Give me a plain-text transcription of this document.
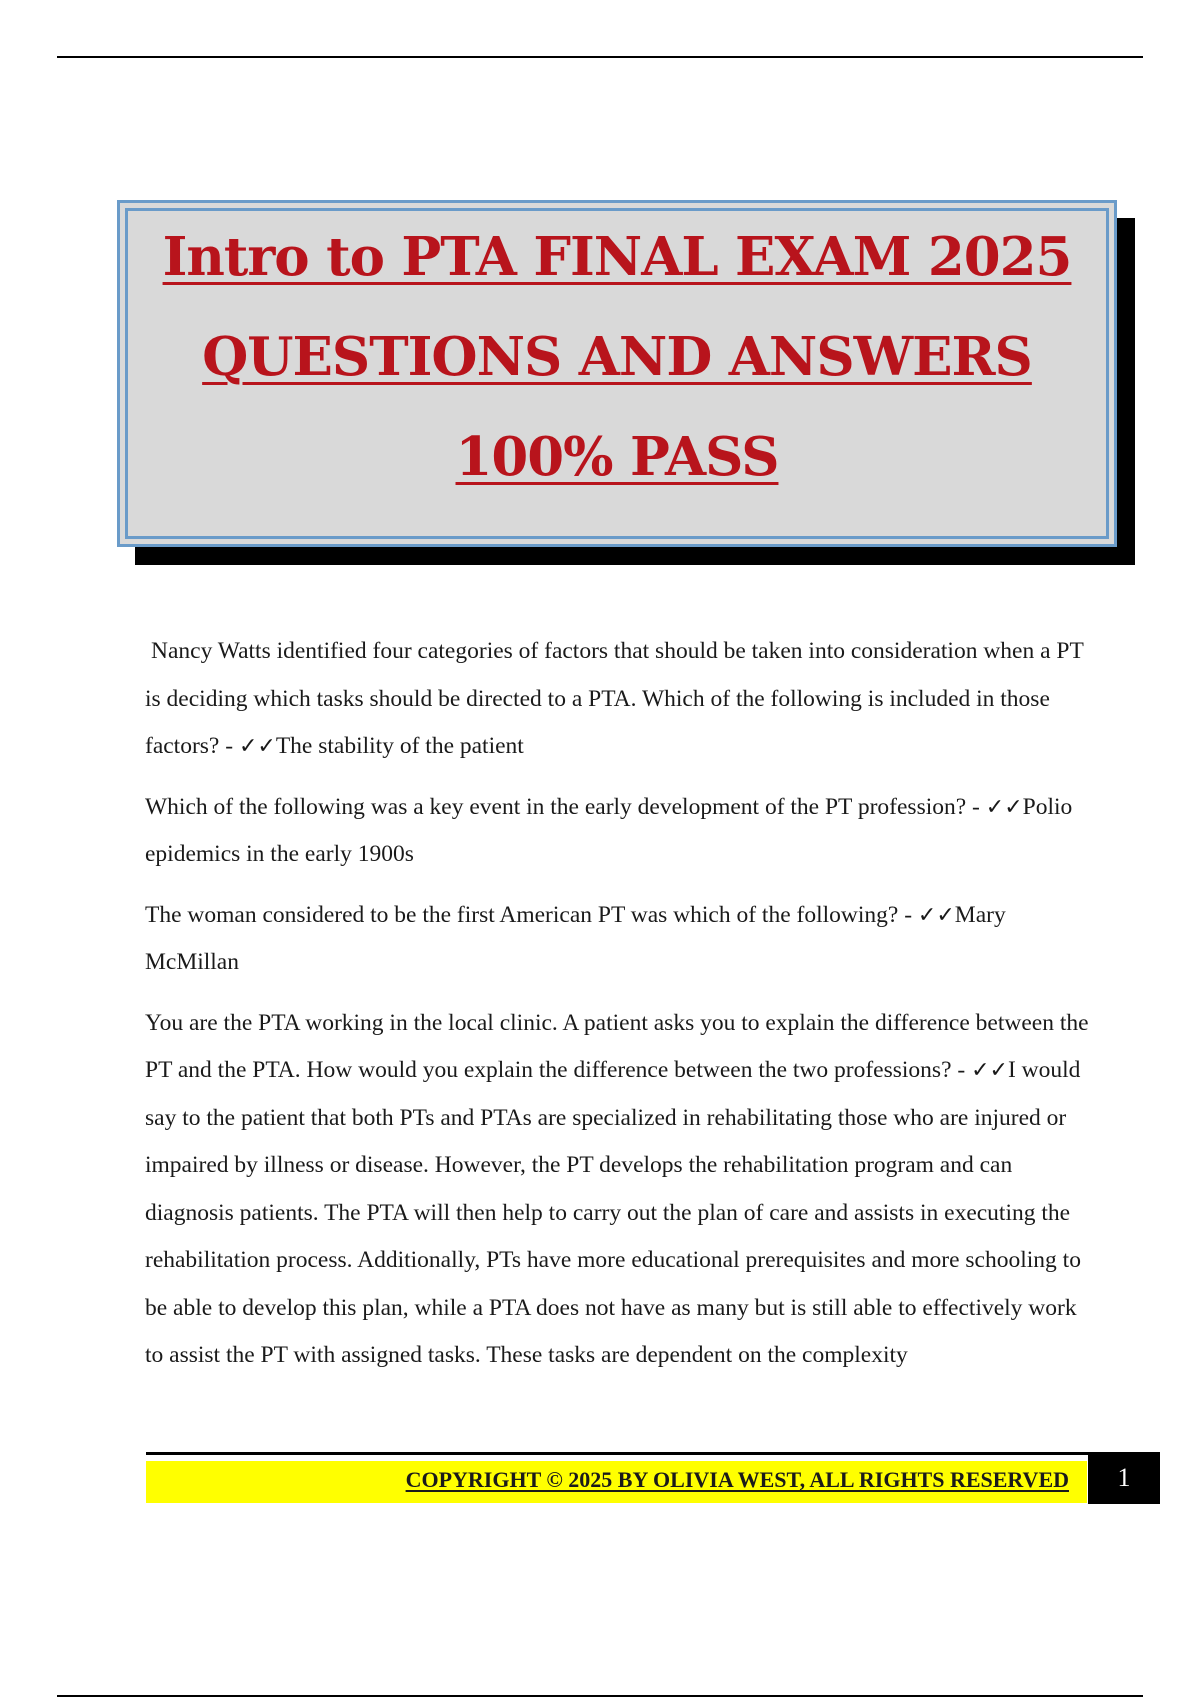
Intro to PTA FINAL EXAM 2025
QUESTIONS AND ANSWERS
100% PASS

Nancy Watts identified four categories of factors that should be taken into consideration when a PT is deciding which tasks should be directed to a PTA. Which of the following is included in those factors? - ✓✓The stability of the patient

Which of the following was a key event in the early development of the PT profession? - ✓✓Polio epidemics in the early 1900s

The woman considered to be the first American PT was which of the following? - ✓✓Mary McMillan

You are the PTA working in the local clinic. A patient asks you to explain the difference between the PT and the PTA. How would you explain the difference between the two professions? - ✓✓I would say to the patient that both PTs and PTAs are specialized in rehabilitating those who are injured or impaired by illness or disease. However, the PT develops the rehabilitation program and can diagnosis patients. The PTA will then help to carry out the plan of care and assists in executing the rehabilitation process. Additionally, PTs have more educational prerequisites and more schooling to be able to develop this plan, while a PTA does not have as many but is still able to effectively work to assist the PT with assigned tasks. These tasks are dependent on the complexity

COPYRIGHT © 2025 BY OLIVIA WEST, ALL RIGHTS RESERVED	1
